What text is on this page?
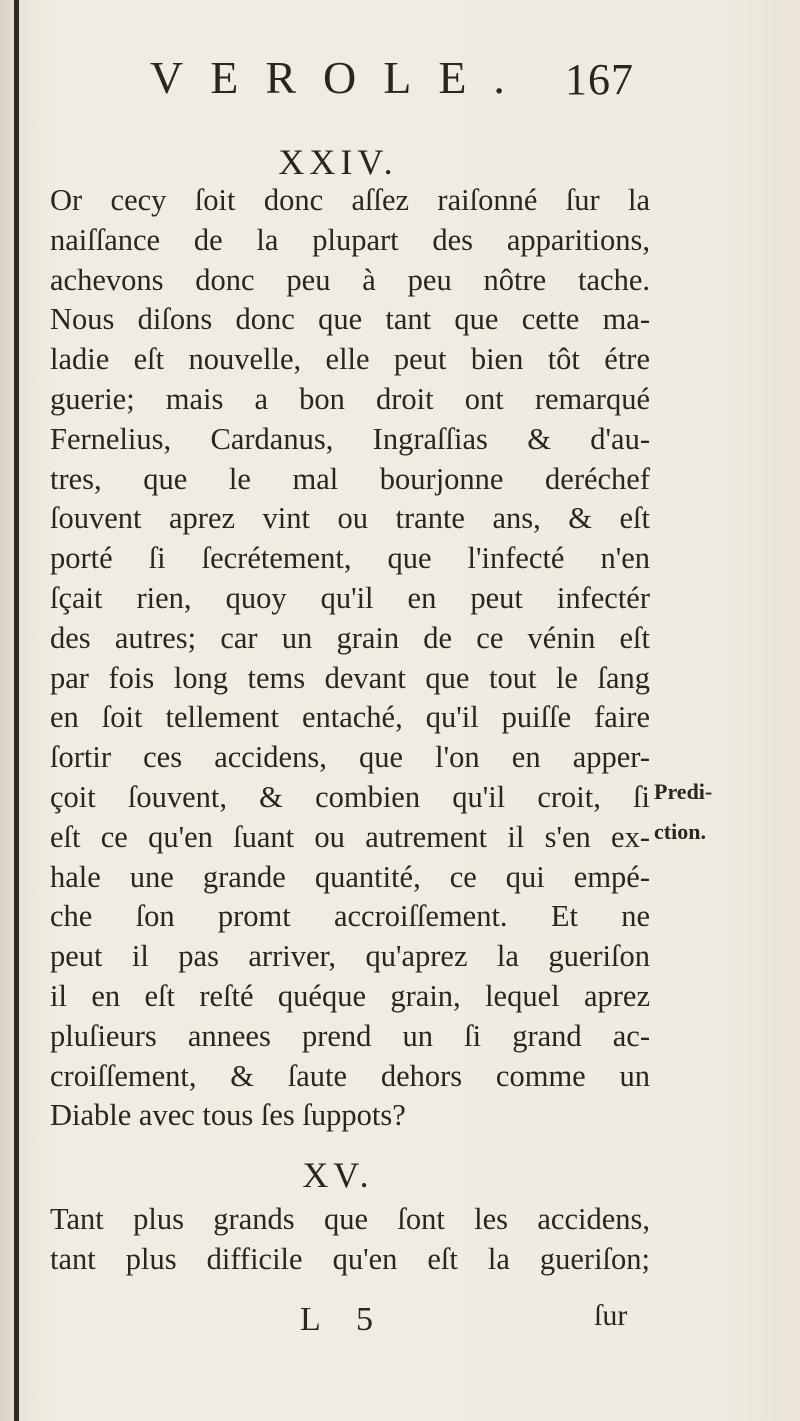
VEROLE. 167
XXIV.
Or cecy ſoit donc aſſez raiſonné ſur la
naiſſance de la plupart des apparitions,
achevons donc peu à peu nôtre tache.
Nous diſons donc que tant que cette ma-
ladie eſt nouvelle, elle peut bien tôt étre
guerie; mais a bon droit ont remarqué
Fernelius, Cardanus, Ingraſſias & d'au-
tres, que le mal bourjonne deréchef
ſouvent aprez vint ou trante ans, & eſt
porté ſi ſecrétement, que l'infecté n'en
ſçait rien, quoy qu'il en peut infectér
des autres; car un grain de ce vénin eſt
par fois long tems devant que tout le ſang
en ſoit tellement entaché, qu'il puiſſe faire
ſortir ces accidens, que l'on en apper-
çoit ſouvent, & combien qu'il croit, ſi
eſt ce qu'en ſuant ou autrement il s'en ex-
hale une grande quantité, ce qui empé-
che ſon promt accroiſſement. Et ne
peut il pas arriver, qu'aprez la gueriſon
il en eſt reſté quéque grain, lequel aprez
pluſieurs annees prend un ſi grand ac-
croiſſement, & ſaute dehors comme un
Diable avec tous ſes ſuppots?
Predi-
ction.
XV.
Tant plus grands que ſont les accidens,
tant plus difficile qu'en eſt la gueriſon;
L 5	ſur
